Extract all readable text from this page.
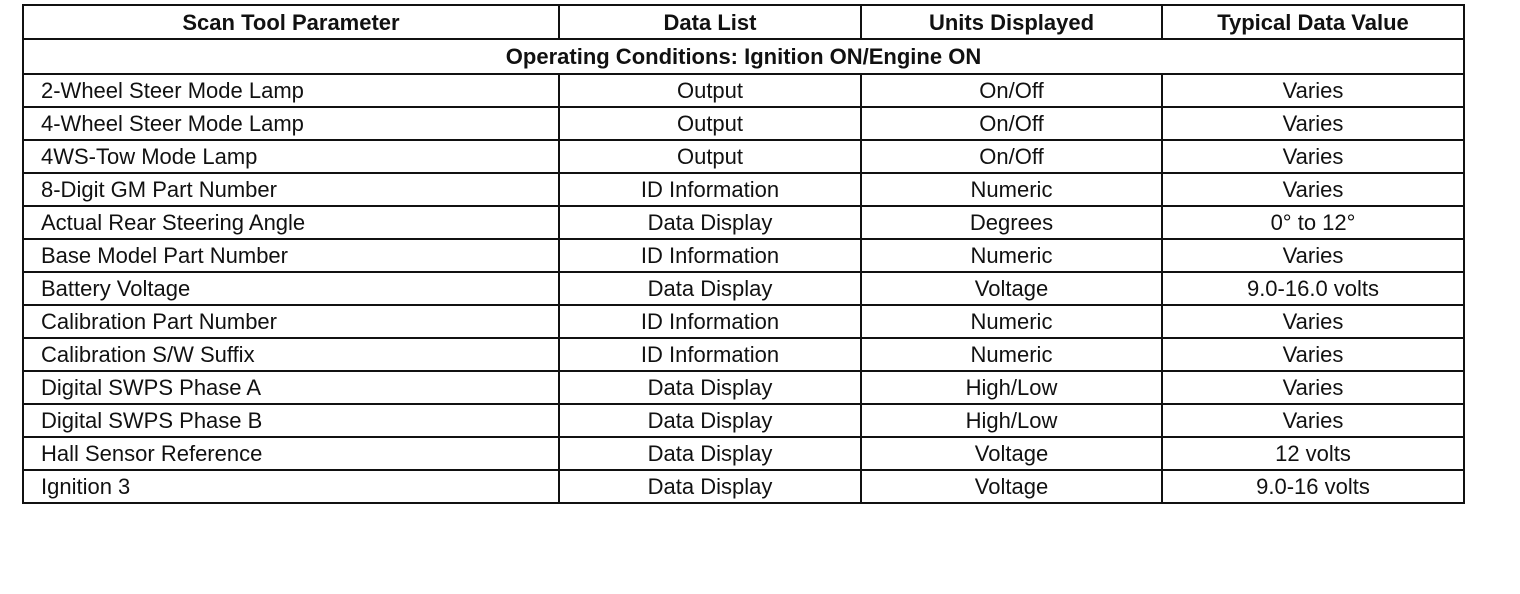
Scan Tool Parameter	Data List	Units Displayed	Typical Data Value
Operating Conditions: Ignition ON/Engine ON			
2-Wheel Steer Mode Lamp	Output	On/Off	Varies
4-Wheel Steer Mode Lamp	Output	On/Off	Varies
4WS-Tow Mode Lamp	Output	On/Off	Varies
8-Digit GM Part Number	ID Information	Numeric	Varies
Actual Rear Steering Angle	Data Display	Degrees	0° to 12°
Base Model Part Number	ID Information	Numeric	Varies
Battery Voltage	Data Display	Voltage	9.0-16.0 volts
Calibration Part Number	ID Information	Numeric	Varies
Calibration S/W Suffix	ID Information	Numeric	Varies
Digital SWPS Phase A	Data Display	High/Low	Varies
Digital SWPS Phase B	Data Display	High/Low	Varies
Hall Sensor Reference	Data Display	Voltage	12 volts
Ignition 3	Data Display	Voltage	9.0-16 volts
